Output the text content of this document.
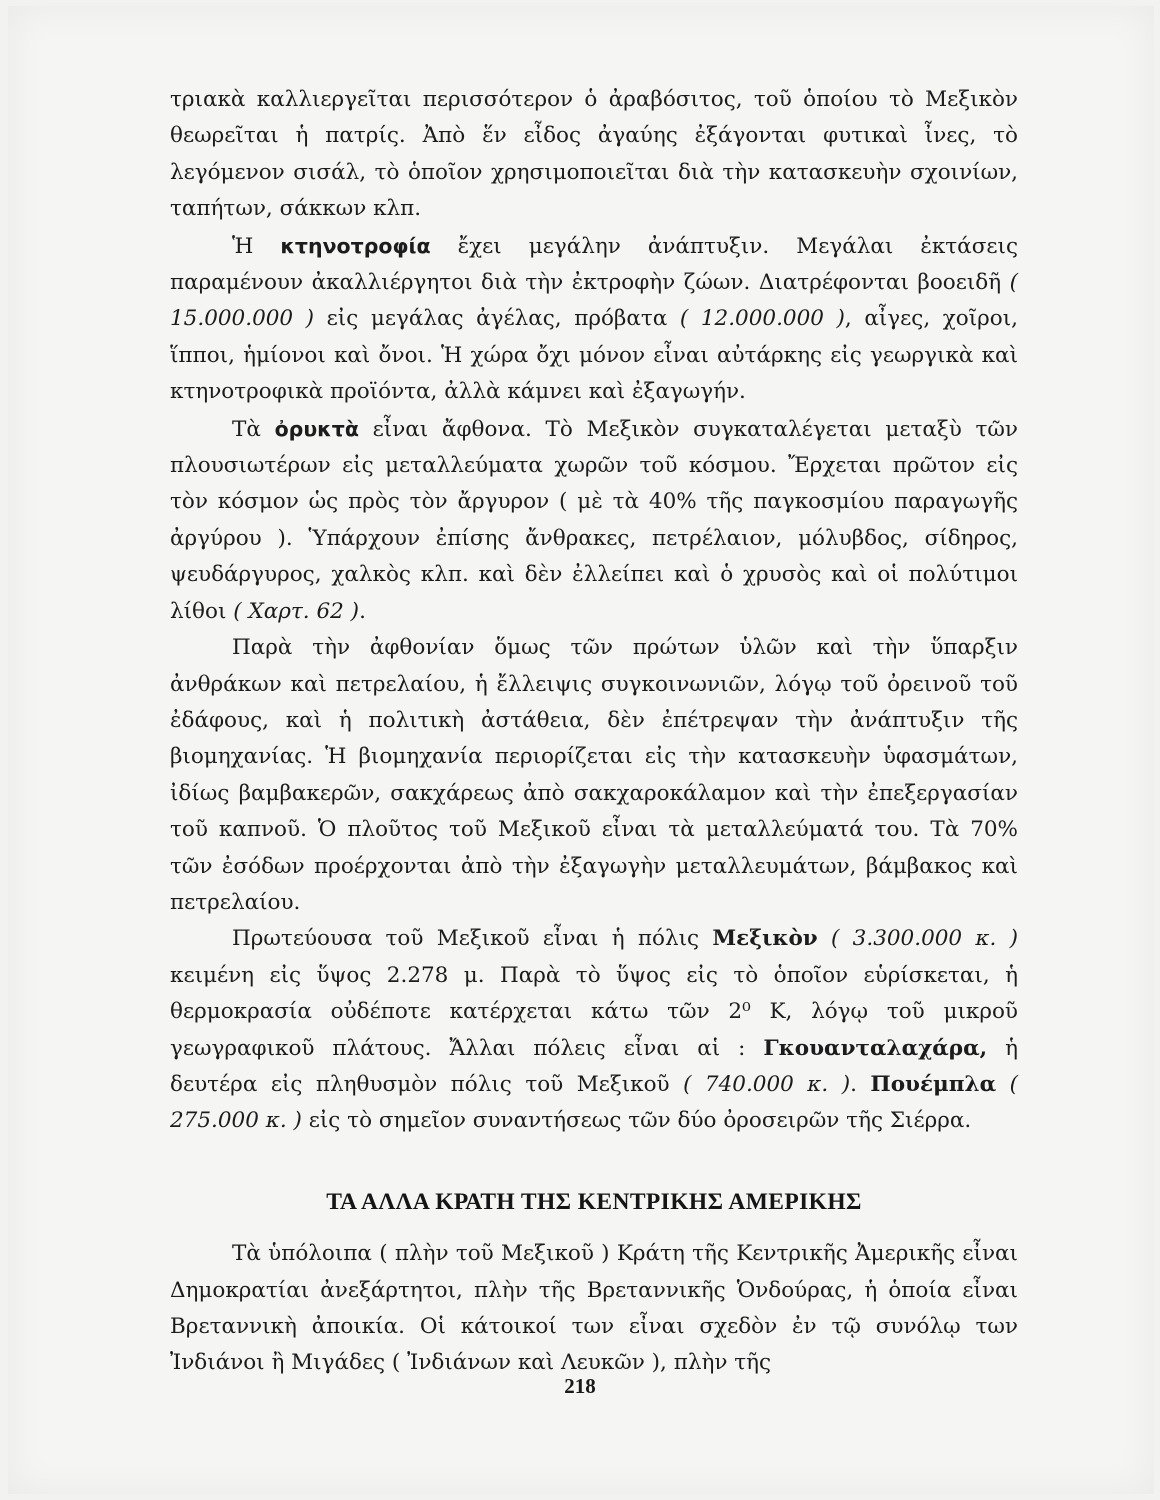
τριακὰ καλλιεργεῖται περισσότερον ὁ ἀραβόσιτος, τοῦ ὁποίου τὸ Μεξικὸν θεωρεῖται ἡ πατρίς. Ἀπὸ ἕν εἶδος ἀγαύης ἐξάγονται φυτικαὶ ἶνες, τὸ λεγόμενον σισάλ, τὸ ὁποῖον χρησιμοποιεῖται διὰ τὴν κατασκευὴν σχοινίων, ταπήτων, σάκκων κλπ.

Ἡ κτηνοτροφία ἔχει μεγάλην ἀνάπτυξιν. Μεγάλαι ἐκτάσεις παραμένουν ἀκαλλιέργητοι διὰ τὴν ἐκτροφὴν ζώων. Διατρέφονται βοοειδῆ ( 15.000.000 ) εἰς μεγάλας ἀγέλας, πρόβατα ( 12.000.000 ), αἶγες, χοῖροι, ἵπποι, ἡμίονοι καὶ ὄνοι. Ἡ χώρα ὄχι μόνον εἶναι αὐτάρκης εἰς γεωργικὰ καὶ κτηνοτροφικὰ προϊόντα, ἀλλὰ κάμνει καὶ ἐξαγωγήν.

Τὰ ὀρυκτὰ εἶναι ἄφθονα. Τὸ Μεξικὸν συγκαταλέγεται μεταξὺ τῶν πλουσιωτέρων εἰς μεταλλεύματα χωρῶν τοῦ κόσμου. Ἔρχεται πρῶτον εἰς τὸν κόσμον ὡς πρὸς τὸν ἄργυρον ( μὲ τὰ 40% τῆς παγκοσμίου παραγωγῆς ἀργύρου ). Ὑπάρχουν ἐπίσης ἄνθρακες, πετρέλαιον, μόλυβδος, σίδηρος, ψευδάργυρος, χαλκὸς κλπ. καὶ δὲν ἐλλείπει καὶ ὁ χρυσὸς καὶ οἱ πολύτιμοι λίθοι ( Χαρτ. 62 ).

Παρὰ τὴν ἀφθονίαν ὅμως τῶν πρώτων ὑλῶν καὶ τὴν ὕπαρξιν ἀνθράκων καὶ πετρελαίου, ἡ ἔλλειψις συγκοινωνιῶν, λόγῳ τοῦ ὀρεινοῦ τοῦ ἐδάφους, καὶ ἡ πολιτικὴ ἀστάθεια, δὲν ἐπέτρεψαν τὴν ἀνάπτυξιν τῆς βιομηχανίας. Ἡ βιομηχανία περιορίζεται εἰς τὴν κατασκευὴν ὑφασμάτων, ἰδίως βαμβακερῶν, σακχάρεως ἀπὸ σακχαροκάλαμον καὶ τὴν ἐπεξεργασίαν τοῦ καπνοῦ. Ὁ πλοῦτος τοῦ Μεξικοῦ εἶναι τὰ μεταλλεύματά του. Τὰ 70% τῶν ἐσόδων προέρχονται ἀπὸ τὴν ἐξαγωγὴν μεταλλευμάτων, βάμβακος καὶ πετρελαίου.

Πρωτεύουσα τοῦ Μεξικοῦ εἶναι ἡ πόλις Μεξικὸν ( 3.300.000 κ. ) κειμένη εἰς ὕψος 2.278 μ. Παρὰ τὸ ὕψος εἰς τὸ ὁποῖον εὑρίσκεται, ἡ θερμοκρασία οὐδέποτε κατέρχεται κάτω τῶν 2⁰ Κ, λόγῳ τοῦ μικροῦ γεωγραφικοῦ πλάτους. Ἄλλαι πόλεις εἶναι αἱ : Γκουανταλαχάρα, ἡ δευτέρα εἰς πληθυσμὸν πόλις τοῦ Μεξικοῦ ( 740.000 κ. ). Πουέμπλα ( 275.000 κ. ) εἰς τὸ σημεῖον συναντήσεως τῶν δύο ὀροσειρῶν τῆς Σιέρρα.

ΤΑ ΑΛΛΑ ΚΡΑΤΗ ΤΗΣ ΚΕΝΤΡΙΚΗΣ ΑΜΕΡΙΚΗΣ

Τὰ ὑπόλοιπα ( πλὴν τοῦ Μεξικοῦ ) Κράτη τῆς Κεντρικῆς Ἀμερικῆς εἶναι Δημοκρατίαι ἀνεξάρτητοι, πλὴν τῆς Βρεταννικῆς Ὁνδούρας, ἡ ὁποία εἶναι Βρεταννικὴ ἀποικία. Οἱ κάτοικοί των εἶναι σχεδὸν ἐν τῷ συνόλῳ των Ἰνδιάνοι ἢ Μιγάδες ( Ἰνδιάνων καὶ Λευκῶν ), πλὴν τῆς

218
